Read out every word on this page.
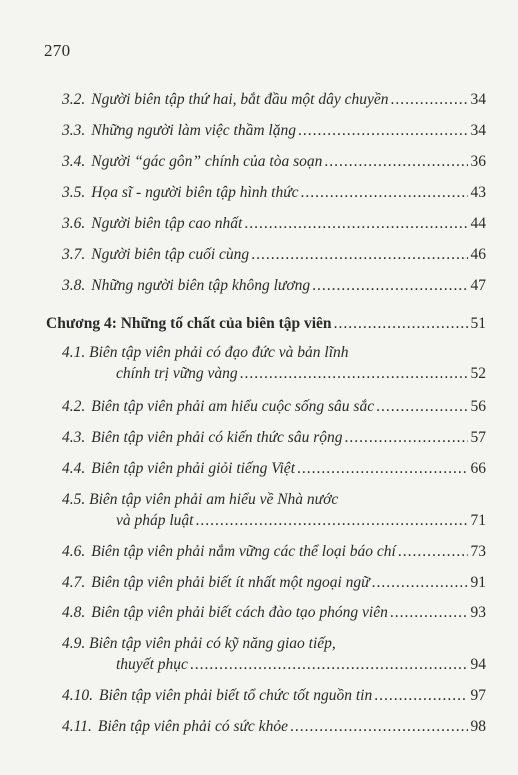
270
3.2. Người biên tập thứ hai, bắt đầu một dây chuyền .....	34
3.3. Những người làm việc thầm lặng .....	34
3.4. Người “gác gôn” chính của tòa soạn .....	36
3.5. Họa sĩ - người biên tập hình thức .....	43
3.6. Người biên tập cao nhất .....	44
3.7. Người biên tập cuối cùng .....	46
3.8. Những người biên tập không lương .....	47
Chương 4: Những tố chất của biên tập viên .....	51
4.1. Biên tập viên phải có đạo đức và bản lĩnh
chính trị vững vàng .....	52
4.2. Biên tập viên phải am hiểu cuộc sống sâu sắc .....	56
4.3. Biên tập viên phải có kiến thức sâu rộng .....	57
4.4. Biên tập viên phải giỏi tiếng Việt .....	66
4.5. Biên tập viên phải am hiểu về Nhà nước
và pháp luật .....	71
4.6. Biên tập viên phải nắm vững các thể loại báo chí .....	73
4.7. Biên tập viên phải biết ít nhất một ngoại ngữ .....	91
4.8. Biên tập viên phải biết cách đào tạo phóng viên .....	93
4.9. Biên tập viên phải có kỹ năng giao tiếp,
thuyết phục .....	94
4.10. Biên tập viên phải biết tổ chức tốt nguồn tin .....	97
4.11. Biên tập viên phải có sức khỏe .....	98
